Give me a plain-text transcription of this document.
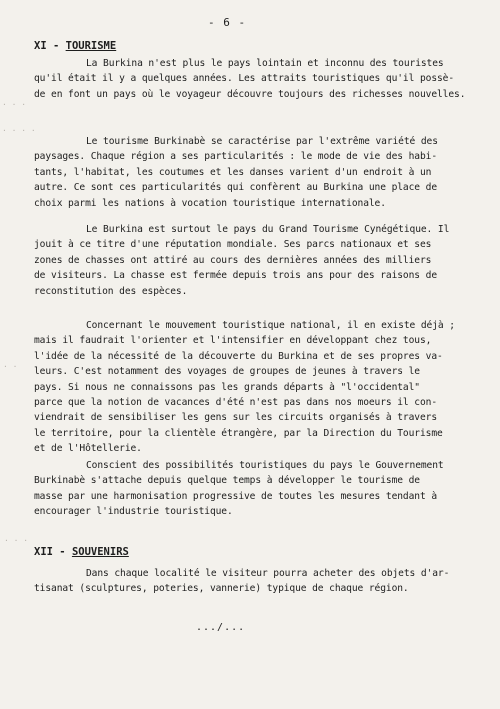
- 6 -
XI - TOURISME
La Burkina n'est plus le pays lointain et inconnu des touristes
qu'il était il y a quelques années. Les attraits touristiques qu'il possè-
de en font un pays où le voyageur découvre toujours des richesses nouvelles.
Le tourisme Burkinabè se caractérise par l'extrême variété des
paysages. Chaque région a ses particularités : le mode de vie des habi-
tants, l'habitat, les coutumes et les danses varient d'un endroit à un
autre. Ce sont ces particularités qui confèrent au Burkina une place de
choix parmi les nations à vocation touristique internationale.
Le Burkina est surtout le pays du Grand Tourisme Cynégétique. Il
jouit à ce titre d'une réputation mondiale. Ses parcs nationaux et ses
zones de chasses ont attiré au cours des dernières années des milliers
de visiteurs. La chasse est fermée depuis trois ans pour des raisons de
reconstitution des espèces.
Concernant le mouvement touristique national, il en existe déjà ;
mais il faudrait l'orienter et l'intensifier en développant chez tous,
l'idée de la nécessité de la découverte du Burkina et de ses propres va-
leurs. C'est notamment des voyages de groupes de jeunes à travers le
pays. Si nous ne connaissons pas les grands départs à "l'occidental"
parce que la notion de vacances d'été n'est pas dans nos moeurs il con-
viendrait de sensibiliser les gens sur les circuits organisés à travers
le territoire, pour la clientèle étrangère, par la Direction du Tourisme
et de l'Hôtellerie.
Conscient des possibilités touristiques du pays le Gouvernement
Burkinabè s'attache depuis quelque temps à développer le tourisme de
masse par une harmonisation progressive de toutes les mesures tendant à
encourager l'industrie touristique.
XII - SOUVENIRS
Dans chaque localité le visiteur pourra acheter des objets d'ar-
tisanat (sculptures, poteries, vannerie) typique de chaque région.
.../...
· · ·
· · · ·
· ·
· · ·
